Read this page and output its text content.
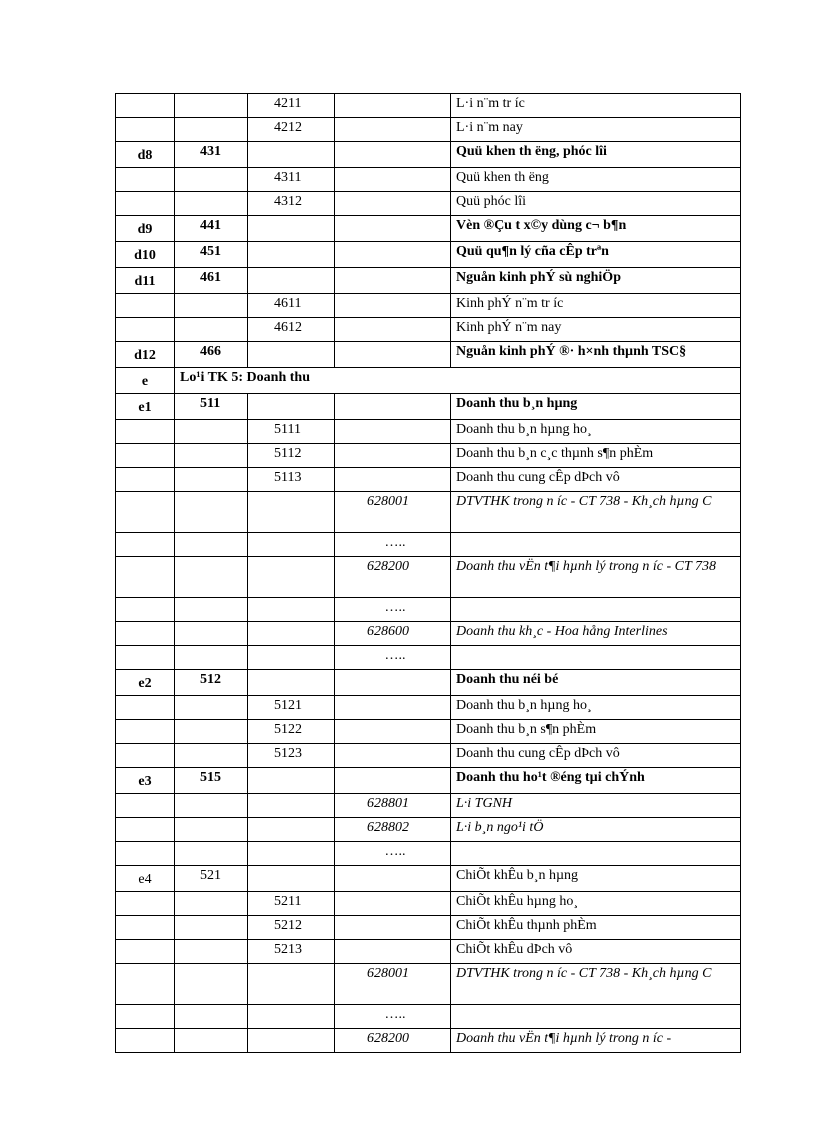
		4211		L·i n¨m tr íc
		4212		L·i n¨m nay
d8	431			Quü khen th ëng, phóc lîi
		4311		Quü khen th ëng
		4312		Quü phóc lîi
d9	441			Vèn ®Çu t x©y dùng c¬ b¶n
d10	451			Quü qu¶n lý cña cÊp trªn
d11	461			Nguån kinh phÝ sù nghiÖp
		4611		Kinh phÝ n¨m tr íc
		4612		Kinh phÝ n¨m nay
d12	466			Nguån kinh phÝ ®· h×nh thµnh TSC§
e	Lo¹i TK 5: Doanh thu			
e1	511			Doanh thu b¸n hµng
		5111		Doanh thu b¸n hµng ho¸
		5112		Doanh thu b¸n c¸c thµnh s¶n phÈm
		5113		Doanh thu cung cÊp dÞch vô
			628001	DTVTHK trong n íc - CT 738 - Kh¸ch hµng C
			…..	
			628200	Doanh thu vËn t¶i hµnh lý trong n íc - CT 738
			…..	
			628600	Doanh thu kh¸c - Hoa hång Interlines
			…..	
e2	512			Doanh thu néi bé
		5121		Doanh thu b¸n hµng ho¸
		5122		Doanh thu b¸n s¶n phÈm
		5123		Doanh thu cung cÊp dÞch vô
e3	515			Doanh thu ho¹t ®éng tµi chÝnh
			628801	L·i TGNH
			628802	L·i b¸n ngo¹i tÖ
			…..	
e4	521			ChiÕt khÊu b¸n hµng
		5211		ChiÕt khÊu hµng ho¸
		5212		ChiÕt khÊu thµnh phÈm
		5213		ChiÕt khÊu dÞch vô
			628001	DTVTHK trong n íc - CT 738 - Kh¸ch hµng C
			…..	
			628200	Doanh thu vËn t¶i hµnh lý trong n íc -
